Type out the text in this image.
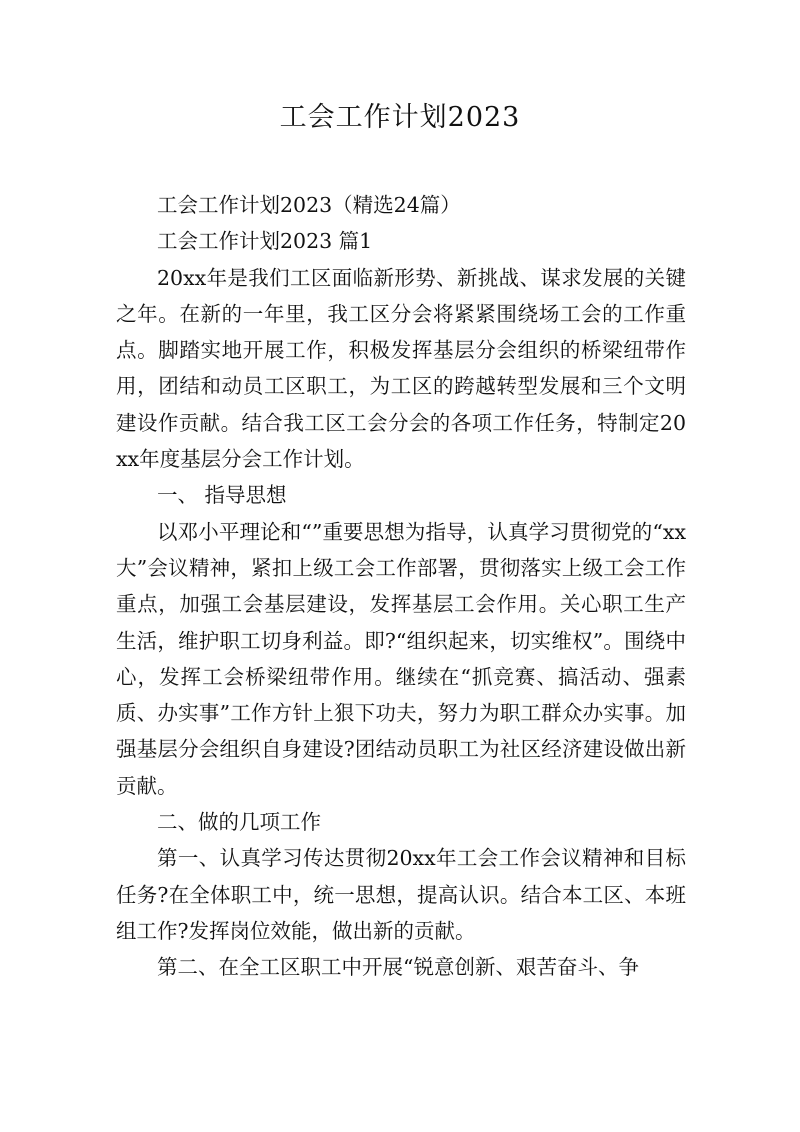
工会工作计划2023

工会工作计划2023（精选24篇）

工会工作计划2023 篇1

20xx年是我们工区面临新形势、新挑战、谋求发展的关键之年。在新的一年里，我工区分会将紧紧围绕场工会的工作重点。脚踏实地开展工作，积极发挥基层分会组织的桥梁纽带作用，团结和动员工区职工，为工区的跨越转型发展和三个文明建设作贡献。结合我工区工会分会的各项工作任务，特制定20xx年度基层分会工作计划。

一、 指导思想

以邓小平理论和“”重要思想为指导，认真学习贯彻党的“xx大”会议精神，紧扣上级工会工作部署，贯彻落实上级工会工作重点，加强工会基层建设，发挥基层工会作用。关心职工生产生活，维护职工切身利益。即?“组织起来，切实维权”。围绕中心，发挥工会桥梁纽带作用。继续在“抓竞赛、搞活动、强素质、办实事”工作方针上狠下功夫，努力为职工群众办实事。加强基层分会组织自身建设?团结动员职工为社区经济建设做出新贡献。

二、做的几项工作

第一、认真学习传达贯彻20xx年工会工作会议精神和目标任务?在全体职工中，统一思想，提高认识。结合本工区、本班组工作?发挥岗位效能，做出新的贡献。

第二、在全工区职工中开展“锐意创新、艰苦奋斗、争
